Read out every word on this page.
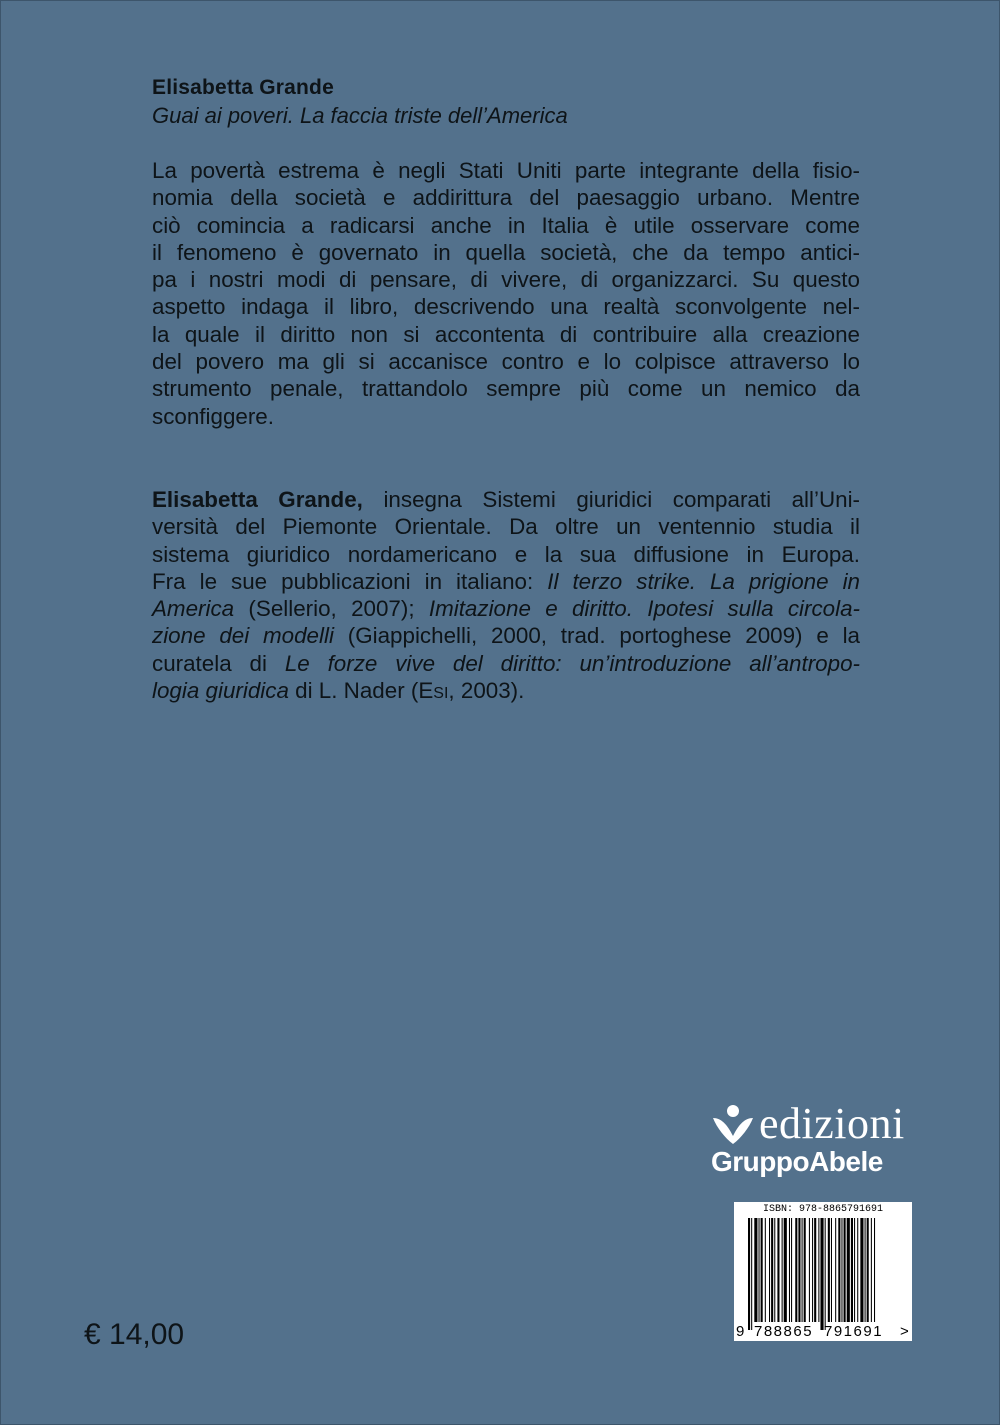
Elisabetta Grande
Guai ai poveri. La faccia triste dell’America

La povertà estrema è negli Stati Uniti parte integrante della fisio-
nomia della società e addirittura del paesaggio urbano. Mentre
ciò comincia a radicarsi anche in Italia è utile osservare come
il fenomeno è governato in quella società, che da tempo antici-
pa i nostri modi di pensare, di vivere, di organizzarci. Su questo
aspetto indaga il libro, descrivendo una realtà sconvolgente nel-
la quale il diritto non si accontenta di contribuire alla creazione
del povero ma gli si accanisce contro e lo colpisce attraverso lo
strumento penale, trattandolo sempre più come un nemico da
sconfiggere.

Elisabetta Grande, insegna Sistemi giuridici comparati all’Uni-
versità del Piemonte Orientale. Da oltre un ventennio studia il
sistema giuridico nordamericano e la sua diffusione in Europa.
Fra le sue pubblicazioni in italiano: Il terzo strike. La prigione in
America (Sellerio, 2007); Imitazione e diritto. Ipotesi sulla circola-
zione dei modelli (Giappichelli, 2000, trad. portoghese 2009) e la
curatela di Le forze vive del diritto: un’introduzione all’antropo-
logia giuridica di L. Nader (Esi, 2003).

edizioni
GruppoAbele
ISBN: 978-8865791691
9 788865 791691 >
€ 14,00
